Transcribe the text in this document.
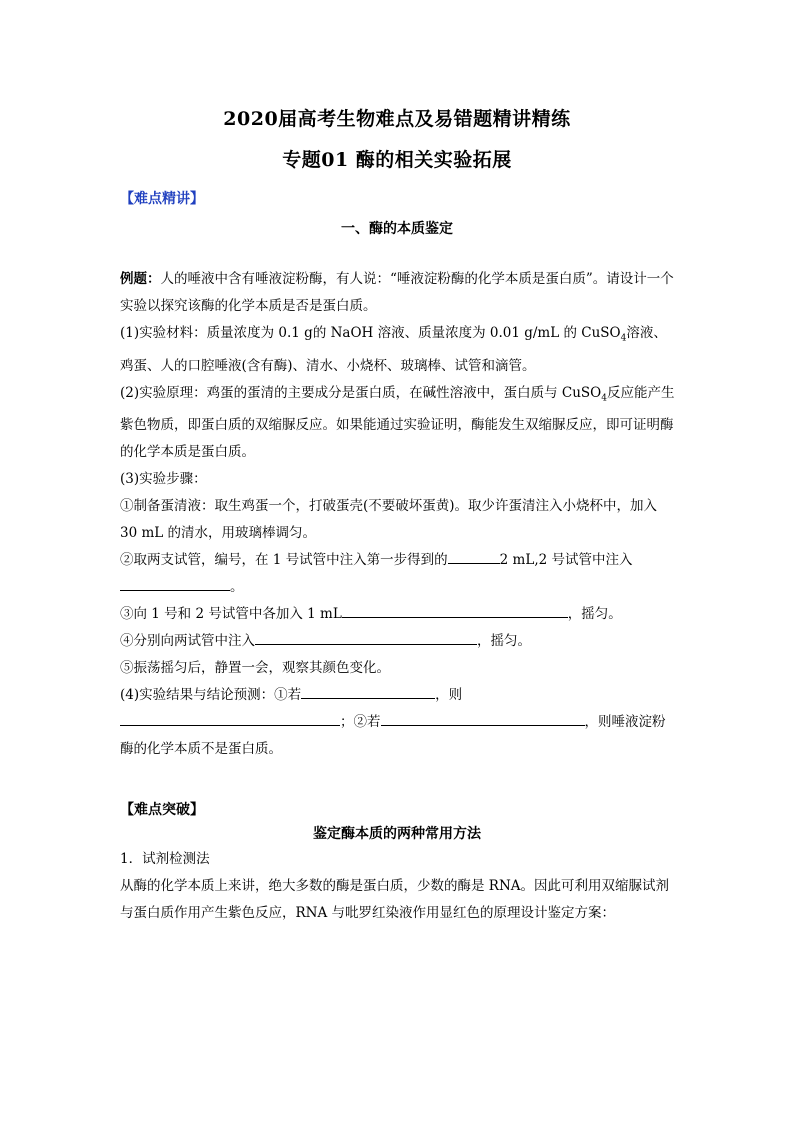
2020届高考生物难点及易错题精讲精练
专题01 酶的相关实验拓展
【难点精讲】
一、酶的本质鉴定

例题：人的唾液中含有唾液淀粉酶，有人说：“唾液淀粉酶的化学本质是蛋白质”。请设计一个实验以探究该酶的化学本质是否是蛋白质。

(1)实验材料：质量浓度为 0.1 g的 NaOH 溶液、质量浓度为 0.01 g/mL 的 CuSO$_4$溶液、鸡蛋、人的口腔唾液(含有酶)、清水、小烧杯、玻璃棒、试管和滴管。

(2)实验原理：鸡蛋的蛋清的主要成分是蛋白质，在碱性溶液中，蛋白质与 CuSO$_4$反应能产生紫色物质，即蛋白质的双缩脲反应。如果能通过实验证明，酶能发生双缩脲反应，即可证明酶的化学本质是蛋白质。

(3)实验步骤：

①制备蛋清液：取生鸡蛋一个，打破蛋壳(不要破坏蛋黄)。取少许蛋清注入小烧杯中，加入 30 mL 的清水，用玻璃棒调匀。

②取两支试管，编号，在 1 号试管中注入第一步得到的	2 mL,2 号试管中注入
。

③向 1 号和 2 号试管中各加入 1 mL	，摇匀。

④分别向两试管中注入	，摇匀。

⑤振荡摇匀后，静置一会，观察其颜色变化。

(4)实验结果与结论预测：①若	，则
；②若	，则唾液淀粉酶的化学本质不是蛋白质。

【难点突破】
鉴定酶本质的两种常用方法

1．试剂检测法

从酶的化学本质上来讲，绝大多数的酶是蛋白质，少数的酶是 RNA。因此可利用双缩脲试剂与蛋白质作用产生紫色反应，RNA 与吡罗红染液作用显红色的原理设计鉴定方案：
